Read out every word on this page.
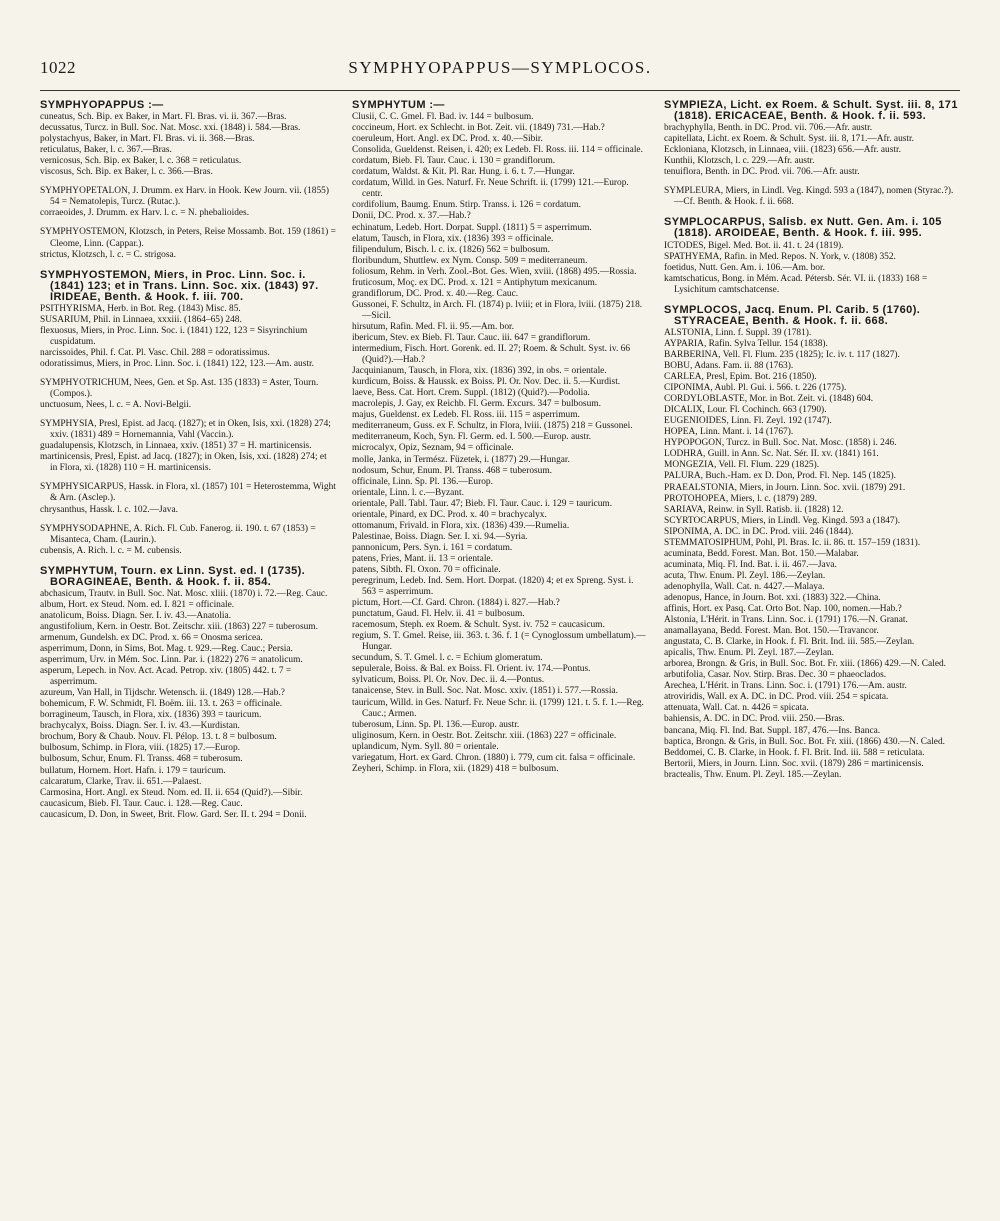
1022	SYMPHYOPAPPUS—SYMPLOCOS.

SYMPHYOPAPPUS :—

cuneatus, Sch. Bip. ex Baker, in Mart. Fl. Bras. vi. ii. 367.—Bras.

decussatus, Turcz. in Bull. Soc. Nat. Mosc. xxi. (1848) i. 584.—Bras.

polystachyus, Baker, in Mart. Fl. Bras. vi. ii. 368.—Bras.

reticulatus, Baker, l. c. 367.—Bras.

vernicosus, Sch. Bip. ex Baker, l. c. 368 = reticulatus.

viscosus, Sch. Bip. ex Baker, l. c. 366.—Bras.

SYMPHYOPETALON, J. Drumm. ex Harv. in Hook. Kew Journ. vii. (1855) 54 = Nematolepis, Turcz. (Rutac.).

corraeoides, J. Drumm. ex Harv. l. c. = N. phebalioides.

SYMPHYOSTEMON, Klotzsch, in Peters, Reise Mossamb. Bot. 159 (1861) = Cleome, Linn. (Cappar.).

strictus, Klotzsch, l. c. = C. strigosa.

SYMPHYOSTEMON, Miers, in Proc. Linn. Soc. i. (1841) 123; et in Trans. Linn. Soc. xix. (1843) 97. IRIDEAE, Benth. & Hook. f. iii. 700.

PSITHYRISMA, Herb. in Bot. Reg. (1843) Misc. 85.

SUSARIUM, Phil. in Linnaea, xxxiii. (1864–65) 248.

flexuosus, Miers, in Proc. Linn. Soc. i. (1841) 122, 123 = Sisyrinchium cuspidatum.

narcissoides, Phil. f. Cat. Pl. Vasc. Chil. 288 = odoratissimus.

odoratissimus, Miers, in Proc. Linn. Soc. i. (1841) 122, 123.—Am. austr.

SYMPHYOTRICHUM, Nees, Gen. et Sp. Ast. 135 (1833) = Aster, Tourn. (Compos.).

unctuosum, Nees, l. c. = A. Novi-Belgii.

SYMPHYSIA, Presl, Epist. ad Jacq. (1827); et in Oken, Isis, xxi. (1828) 274; xxiv. (1831) 489 = Hornemannia, Vahl (Vaccin.).

guadalupensis, Klotzsch, in Linnaea, xxiv. (1851) 37 = H. martinicensis.

martinicensis, Presl, Epist. ad Jacq. (1827); in Oken, Isis, xxi. (1828) 274; et in Flora, xi. (1828) 110 = H. martinicensis.

SYMPHYSICARPUS, Hassk. in Flora, xl. (1857) 101 = Heterostemma, Wight & Arn. (Asclep.).

chrysanthus, Hassk. l. c. 102.—Java.

SYMPHYSODAPHNE, A. Rich. Fl. Cub. Fanerog. ii. 190. t. 67 (1853) = Misanteca, Cham. (Laurin.).

cubensis, A. Rich. l. c. = M. cubensis.

SYMPHYTUM, Tourn. ex Linn. Syst. ed. I (1735). BORAGINEAE, Benth. & Hook. f. ii. 854.

abchasicum, Trautv. in Bull. Soc. Nat. Mosc. xliii. (1870) i. 72.—Reg. Cauc.

album, Hort. ex Steud. Nom. ed. I. 821 = officinale.

anatolicum, Boiss. Diagn. Ser. I. iv. 43.—Anatolia.

angustifolium, Kern. in Oestr. Bot. Zeitschr. xiii. (1863) 227 = tuberosum.

armenum, Gundelsh. ex DC. Prod. x. 66 = Onosma sericea.

asperrimum, Donn, in Sims, Bot. Mag. t. 929.—Reg. Cauc.; Persia.

asperrimum, Urv. in Mém. Soc. Linn. Par. i. (1822) 276 = anatolicum.

asperum, Lepech. in Nov. Act. Acad. Petrop. xiv. (1805) 442. t. 7 = asperrimum.

azureum, Van Hall, in Tijdschr. Wetensch. ii. (1849) 128.—Hab.?

bohemicum, F. W. Schmidt, Fl. Boëm. iii. 13. t. 263 = officinale.

borragineum, Tausch, in Flora, xix. (1836) 393 = tauricum.

brachycalyx, Boiss. Diagn. Ser. I. iv. 43.—Kurdistan.

brochum, Bory & Chaub. Nouv. Fl. Pélop. 13. t. 8 = bulbosum.

bulbosum, Schimp. in Flora, viii. (1825) 17.—Europ.

bulbosum, Schur, Enum. Fl. Transs. 468 = tuberosum.

bullatum, Hornem. Hort. Hafn. i. 179 = tauricum.

calcaratum, Clarke, Trav. ii. 651.—Palaest.

Carmosina, Hort. Angl. ex Steud. Nom. ed. II. ii. 654 (Quid?).—Sibir.

caucasicum, Bieb. Fl. Taur. Cauc. i. 128.—Reg. Cauc.

caucasicum, D. Don, in Sweet, Brit. Flow. Gard. Ser. II. t. 294 = Donii.

SYMPHYTUM :—

Clusii, C. C. Gmel. Fl. Bad. iv. 144 = bulbosum.

coccineum, Hort. ex Schlecht. in Bot. Zeit. vii. (1849) 731.—Hab.?

coeruleum, Hort. Angl. ex DC. Prod. x. 40.—Sibir.

Consolida, Gueldenst. Reisen, i. 420; ex Ledeb. Fl. Ross. iii. 114 = officinale.

cordatum, Bieb. Fl. Taur. Cauc. i. 130 = grandiflorum.

cordatum, Waldst. & Kit. Pl. Rar. Hung. i. 6. t. 7.—Hungar.

cordatum, Willd. in Ges. Naturf. Fr. Neue Schrift. ii. (1799) 121.—Europ. centr.

cordifolium, Baumg. Enum. Stirp. Transs. i. 126 = cordatum.

Donii, DC. Prod. x. 37.—Hab.?

echinatum, Ledeb. Hort. Dorpat. Suppl. (1811) 5 = asperrimum.

elatum, Tausch, in Flora, xix. (1836) 393 = officinale.

filipendulum, Bisch. l. c. ix. (1826) 562 = bulbosum.

floribundum, Shuttlew. ex Nym. Consp. 509 = mediterraneum.

foliosum, Rehm. in Verh. Zool.-Bot. Ges. Wien, xviii. (1868) 495.—Rossia.

fruticosum, Moç. ex DC. Prod. x. 121 = Antiphytum mexicanum.

grandiflorum, DC. Prod. x. 40.—Reg. Cauc.

Gussonei, F. Schultz, in Arch. Fl. (1874) p. lviii; et in Flora, lviii. (1875) 218.—Sicil.

hirsutum, Rafin. Med. Fl. ii. 95.—Am. bor.

ibericum, Stev. ex Bieb. Fl. Taur. Cauc. iii. 647 = grandiflorum.

intermedium, Fisch. Hort. Gorenk. ed. II. 27; Roem. & Schult. Syst. iv. 66 (Quid?).—Hab.?

Jacquinianum, Tausch, in Flora, xix. (1836) 392, in obs. = orientale.

kurdicum, Boiss. & Haussk. ex Boiss. Pl. Or. Nov. Dec. ii. 5.—Kurdist.

laeve, Bess. Cat. Hort. Crem. Suppl. (1812) (Quid?).—Podolia.

macrolepis, J. Gay, ex Reichb. Fl. Germ. Excurs. 347 = bulbosum.

majus, Gueldenst. ex Ledeb. Fl. Ross. iii. 115 = asperrimum.

mediterraneum, Guss. ex F. Schultz, in Flora, lviii. (1875) 218 = Gussonei.

mediterraneum, Koch, Syn. Fl. Germ. ed. I. 500.—Europ. austr.

microcalyx, Opiz, Seznam, 94 = officinale.

molle, Janka, in Termész. Füzetek, i. (1877) 29.—Hungar.

nodosum, Schur, Enum. Pl. Transs. 468 = tuberosum.

officinale, Linn. Sp. Pl. 136.—Europ.

orientale, Linn. l. c.—Byzant.

orientale, Pall. Tabl. Taur. 47; Bieb. Fl. Taur. Cauc. i. 129 = tauricum.

orientale, Pinard, ex DC. Prod. x. 40 = brachycalyx.

ottomanum, Frivald. in Flora, xix. (1836) 439.—Rumelia.

Palestinae, Boiss. Diagn. Ser. I. xi. 94.—Syria.

pannonicum, Pers. Syn. i. 161 = cordatum.

patens, Fries, Mant. ii. 13 = orientale.

patens, Sibth. Fl. Oxon. 70 = officinale.

peregrinum, Ledeb. Ind. Sem. Hort. Dorpat. (1820) 4; et ex Spreng. Syst. i. 563 = asperrimum.

pictum, Hort.—Cf. Gard. Chron. (1884) i. 827.—Hab.?

punctatum, Gaud. Fl. Helv. ii. 41 = bulbosum.

racemosum, Steph. ex Roem. & Schult. Syst. iv. 752 = caucasicum.

regium, S. T. Gmel. Reise, iii. 363. t. 36. f. 1 (= Cynoglossum umbellatum).—Hungar.

secundum, S. T. Gmel. l. c. = Echium glomeratum.

sepulerale, Boiss. & Bal. ex Boiss. Fl. Orient. iv. 174.—Pontus.

sylvaticum, Boiss. Pl. Or. Nov. Dec. ii. 4.—Pontus.

tanaicense, Stev. in Bull. Soc. Nat. Mosc. xxiv. (1851) i. 577.—Rossia.

tauricum, Willd. in Ges. Naturf. Fr. Neue Schr. ii. (1799) 121. t. 5. f. 1.—Reg. Cauc.; Armen.

tuberosum, Linn. Sp. Pl. 136.—Europ. austr.

uliginosum, Kern. in Oestr. Bot. Zeitschr. xiii. (1863) 227 = officinale.

uplandicum, Nym. Syll. 80 = orientale.

variegatum, Hort. ex Gard. Chron. (1880) i. 779, cum cit. falsa = officinale.

Zeyheri, Schimp. in Flora, xii. (1829) 418 = bulbosum.

SYMPIEZA, Licht. ex Roem. & Schult. Syst. iii. 8, 171 (1818). ERICACEAE, Benth. & Hook. f. ii. 593.

brachyphylla, Benth. in DC. Prod. vii. 706.—Afr. austr.

capitellata, Licht. ex Roem. & Schult. Syst. iii. 8, 171.—Afr. austr.

Eckloniana, Klotzsch, in Linnaea, viii. (1823) 656.—Afr. austr.

Kunthii, Klotzsch, l. c. 229.—Afr. austr.

tenuiflora, Benth. in DC. Prod. vii. 706.—Afr. austr.

SYMPLEURA, Miers, in Lindl. Veg. Kingd. 593 a (1847), nomen (Styrac.?).—Cf. Benth. & Hook. f. ii. 668.

SYMPLOCARPUS, Salisb. ex Nutt. Gen. Am. i. 105 (1818). AROIDEAE, Benth. & Hook. f. iii. 995.

ICTODES, Bigel. Med. Bot. ii. 41. t. 24 (1819).

SPATHYEMA, Rafin. in Med. Repos. N. York, v. (1808) 352.

foetidus, Nutt. Gen. Am. i. 106.—Am. bor.

kamtschaticus, Bong. in Mém. Acad. Pétersb. Sér. VI. ii. (1833) 168 = Lysichitum camtschatcense.

SYMPLOCOS, Jacq. Enum. Pl. Carib. 5 (1760). STYRACEAE, Benth. & Hook. f. ii. 668.

ALSTONIA, Linn. f. Suppl. 39 (1781).

AYPARIA, Rafin. Sylva Tellur. 154 (1838).

BARBERINA, Vell. Fl. Flum. 235 (1825); Ic. iv. t. 117 (1827).

BOBU, Adans. Fam. ii. 88 (1763).

CARLEA, Presl, Epim. Bot. 216 (1850).

CIPONIMA, Aubl. Pl. Gui. i. 566. t. 226 (1775).

CORDYLOBLASTE, Mor. in Bot. Zeit. vi. (1848) 604.

DICALIX, Lour. Fl. Cochinch. 663 (1790).

EUGENIOIDES, Linn. Fl. Zeyl. 192 (1747).

HOPEA, Linn. Mant. i. 14 (1767).

HYPOPOGON, Turcz. in Bull. Soc. Nat. Mosc. (1858) i. 246.

LODHRA, Guill. in Ann. Sc. Nat. Sér. II. xv. (1841) 161.

MONGEZIA, Vell. Fl. Flum. 229 (1825).

PALURA, Buch.-Ham. ex D. Don, Prod. Fl. Nep. 145 (1825).

PRAEALSTONIA, Miers, in Journ. Linn. Soc. xvii. (1879) 291.

PROTOHOPEA, Miers, l. c. (1879) 289.

SARIAVA, Reinw. in Syll. Ratisb. ii. (1828) 12.

SCYRTOCARPUS, Miers, in Lindl. Veg. Kingd. 593 a (1847).

SIPONIMA, A. DC. in DC. Prod. viii. 246 (1844).

STEMMATOSIPHUM, Pohl, Pl. Bras. Ic. ii. 86. tt. 157–159 (1831).

acuminata, Bedd. Forest. Man. Bot. 150.—Malabar.

acuminata, Miq. Fl. Ind. Bat. i. ii. 467.—Java.

acuta, Thw. Enum. Pl. Zeyl. 186.—Zeylan.

adenophylla, Wall. Cat. n. 4427.—Malaya.

adenopus, Hance, in Journ. Bot. xxi. (1883) 322.—China.

affinis, Hort. ex Pasq. Cat. Orto Bot. Nap. 100, nomen.—Hab.?

Alstonia, L'Hérit. in Trans. Linn. Soc. i. (1791) 176.—N. Granat.

anamallayana, Bedd. Forest. Man. Bot. 150.—Travancor.

angustata, C. B. Clarke, in Hook. f. Fl. Brit. Ind. iii. 585.—Zeylan.

apicalis, Thw. Enum. Pl. Zeyl. 187.—Zeylan.

arborea, Brongn. & Gris, in Bull. Soc. Bot. Fr. xiii. (1866) 429.—N. Caled.

arbutifolia, Casar. Nov. Stirp. Bras. Dec. 30 = phaeoclados.

Arechea, L'Hérit. in Trans. Linn. Soc. i. (1791) 176.—Am. austr.

atroviridis, Wall. ex A. DC. in DC. Prod. viii. 254 = spicata.

attenuata, Wall. Cat. n. 4426 = spicata.

bahiensis, A. DC. in DC. Prod. viii. 250.—Bras.

bancana, Miq. Fl. Ind. Bat. Suppl. 187, 476.—Ins. Banca.

baptica, Brongn. & Gris, in Bull. Soc. Bot. Fr. xiii. (1866) 430.—N. Caled.

Beddomei, C. B. Clarke, in Hook. f. Fl. Brit. Ind. iii. 588 = reticulata.

Bertorii, Miers, in Journ. Linn. Soc. xvii. (1879) 286 = martinicensis.

bractealis, Thw. Enum. Pl. Zeyl. 185.—Zeylan.
